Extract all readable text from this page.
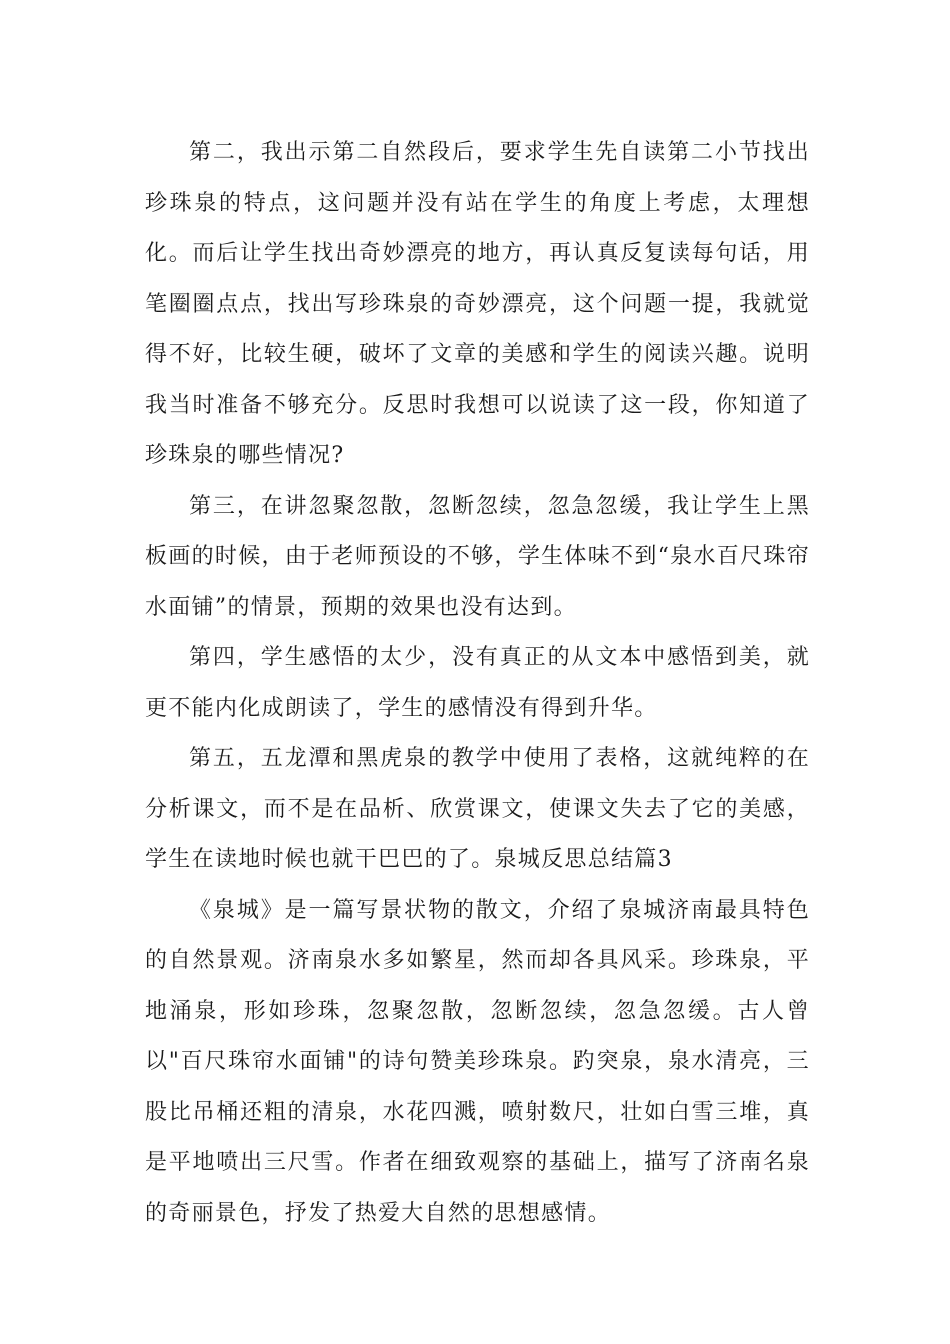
第二，我出示第二自然段后，要求学生先自读第二小节找出珍珠泉的特点，这问题并没有站在学生的角度上考虑，太理想化。而后让学生找出奇妙漂亮的地方，再认真反复读每句话，用笔圈圈点点，找出写珍珠泉的奇妙漂亮，这个问题一提，我就觉得不好，比较生硬，破坏了文章的美感和学生的阅读兴趣。说明我当时准备不够充分。反思时我想可以说读了这一段，你知道了珍珠泉的哪些情况?

第三，在讲忽聚忽散，忽断忽续，忽急忽缓，我让学生上黑板画的时候，由于老师预设的不够，学生体味不到“泉水百尺珠帘水面铺”的情景，预期的效果也没有达到。

第四，学生感悟的太少，没有真正的从文本中感悟到美，就更不能内化成朗读了，学生的感情没有得到升华。

第五，五龙潭和黑虎泉的教学中使用了表格，这就纯粹的在分析课文，而不是在品析、欣赏课文，使课文失去了它的美感，学生在读地时候也就干巴巴的了。泉城反思总结篇3

《泉城》是一篇写景状物的散文，介绍了泉城济南最具特色的自然景观。济南泉水多如繁星，然而却各具风采。珍珠泉，平地涌泉，形如珍珠，忽聚忽散，忽断忽续，忽急忽缓。古人曾以"百尺珠帘水面铺"的诗句赞美珍珠泉。趵突泉，泉水清亮，三股比吊桶还粗的清泉，水花四溅，喷射数尺，壮如白雪三堆，真是平地喷出三尺雪。作者在细致观察的基础上，描写了济南名泉的奇丽景色，抒发了热爱大自然的思想感情。
